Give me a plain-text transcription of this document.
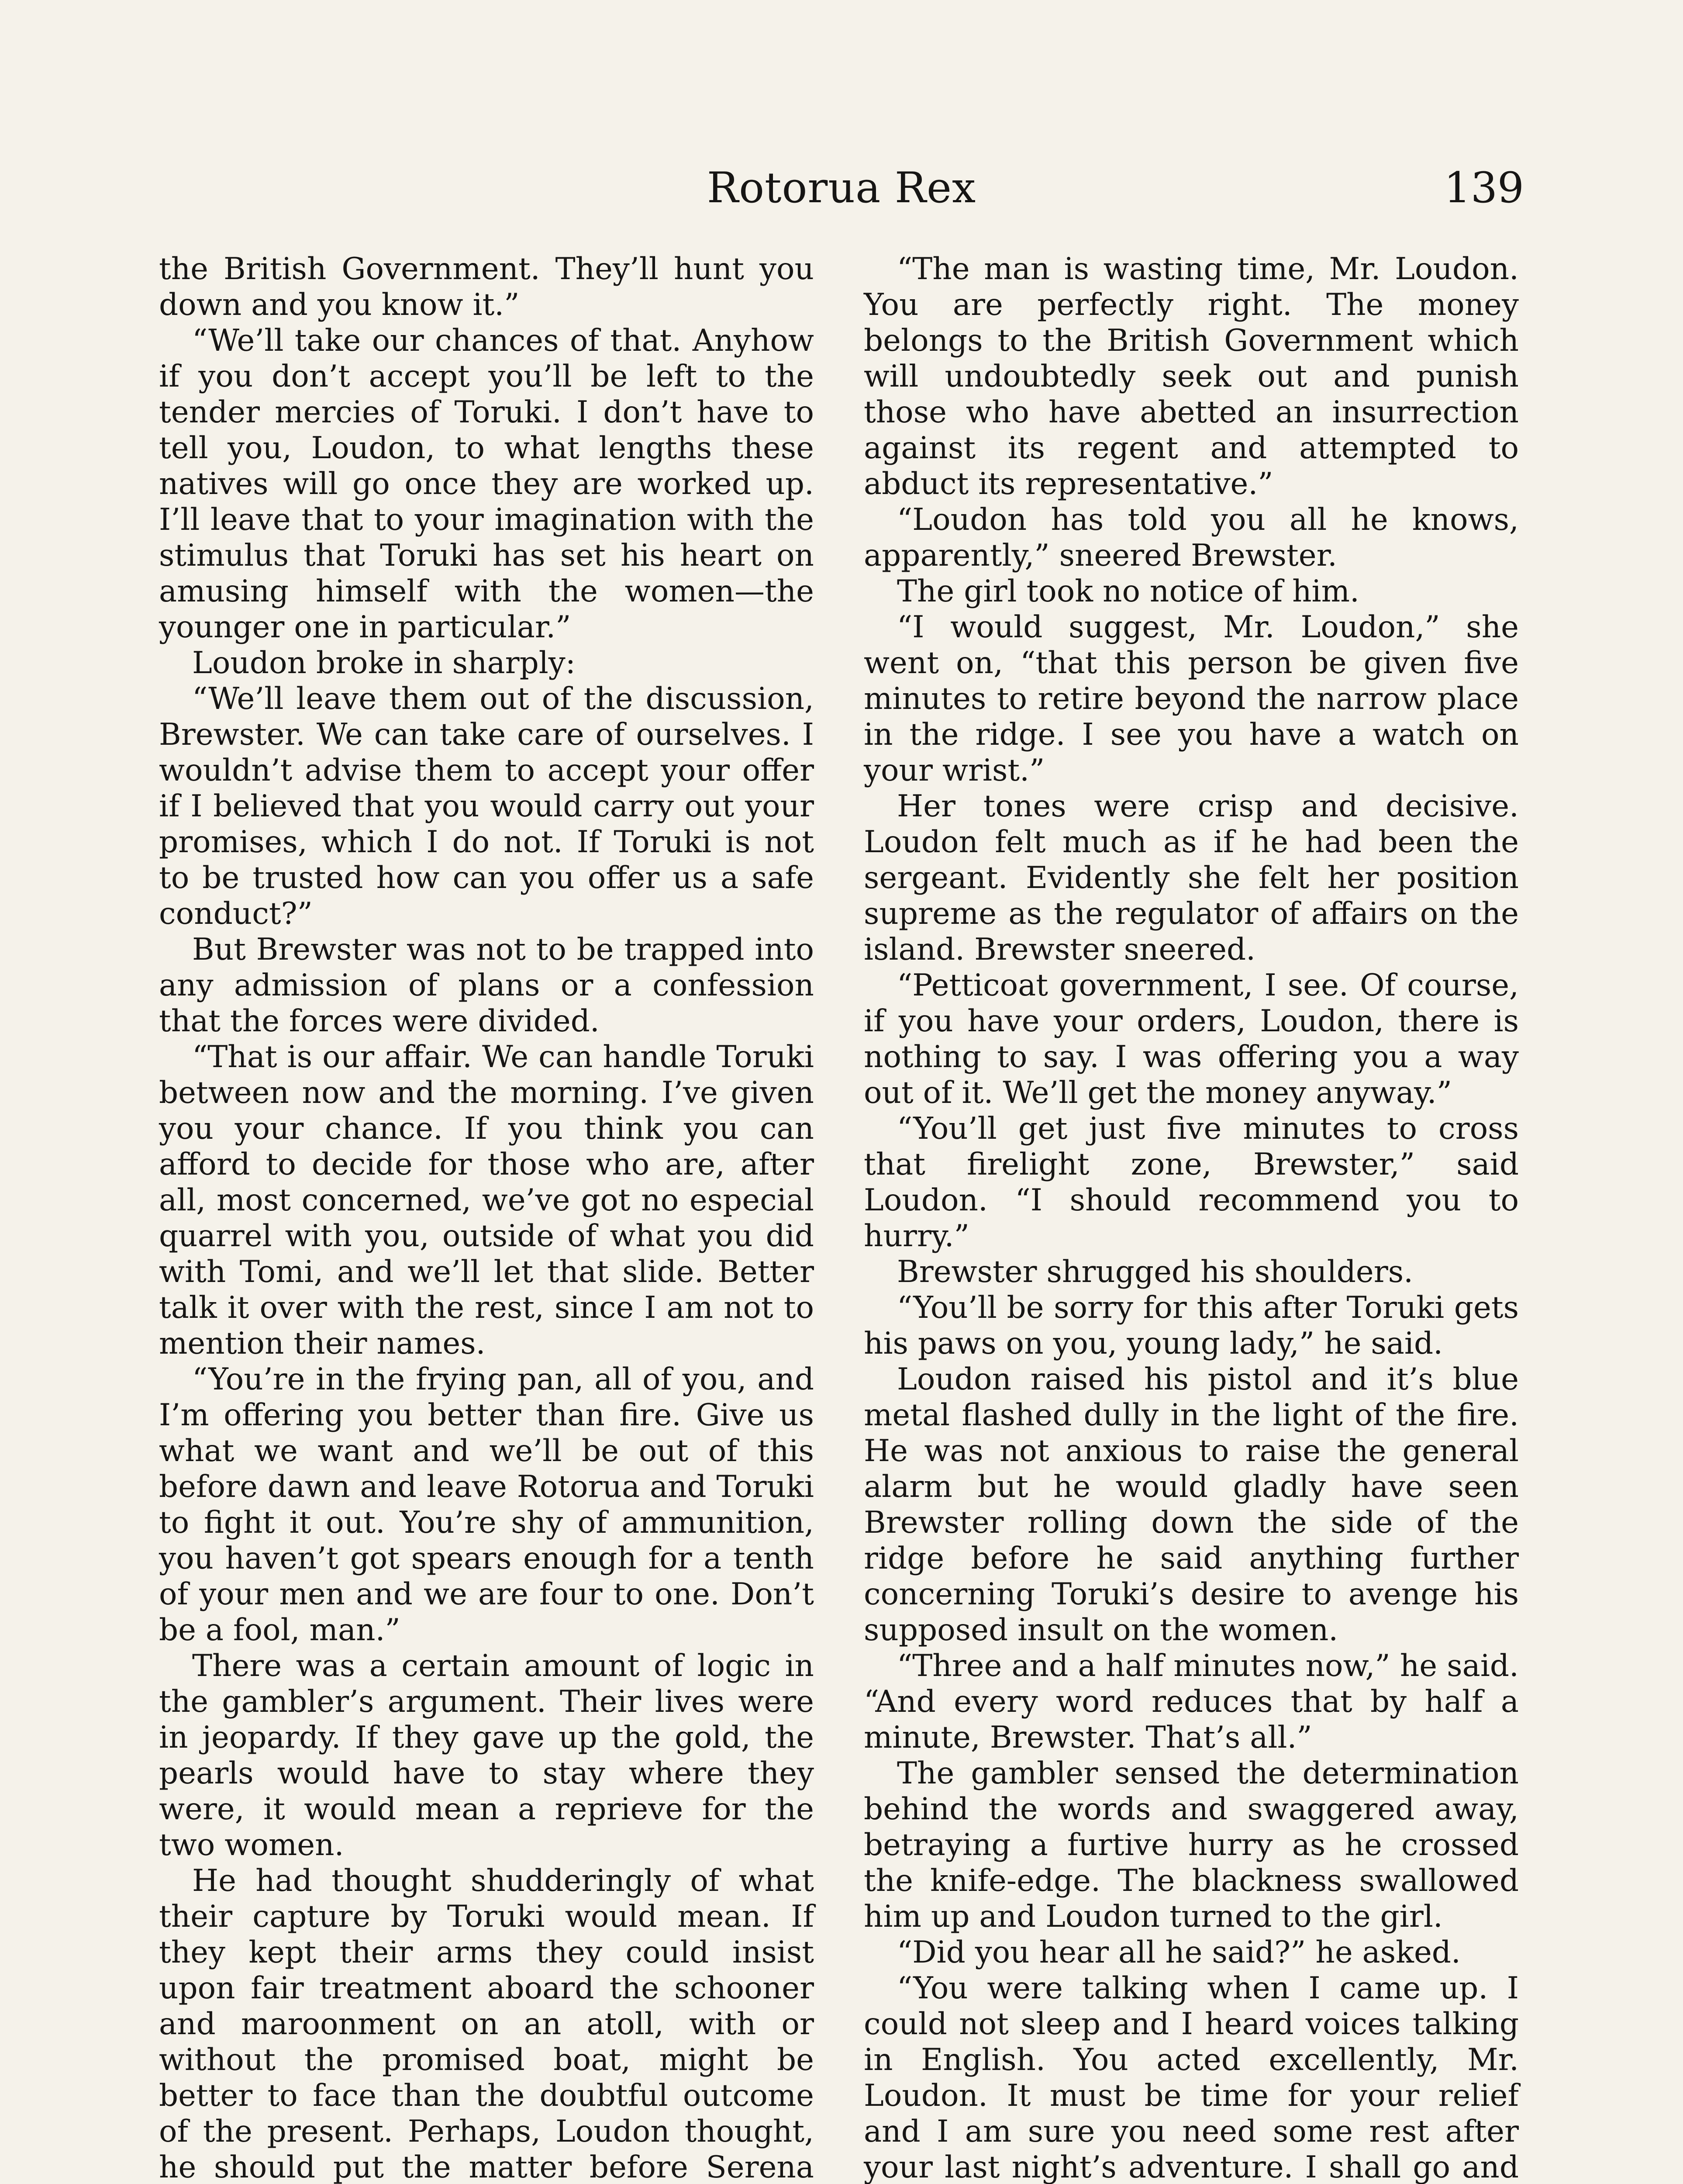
Rotorua Rex	139

the British Government. They’ll hunt you down and you know it.”

“We’ll take our chances of that. Anyhow if you don’t accept you’ll be left to the tender mercies of Toruki. I don’t have to tell you, Loudon, to what lengths these natives will go once they are worked up. I’ll leave that to your imagination with the stimulus that Toruki has set his heart on amusing himself with the women—the younger one in particular.”

Loudon broke in sharply:

“We’ll leave them out of the discussion, Brewster. We can take care of ourselves. I wouldn’t advise them to accept your offer if I believed that you would carry out your promises, which I do not. If Toruki is not to be trusted how can you offer us a safe conduct?”

But Brewster was not to be trapped into any admission of plans or a confession that the forces were divided.

“That is our affair. We can handle Toruki between now and the morning. I’ve given you your chance. If you think you can afford to decide for those who are, after all, most concerned, we’ve got no especial quarrel with you, outside of what you did with Tomi, and we’ll let that slide. Better talk it over with the rest, since I am not to mention their names.

“You’re in the frying pan, all of you, and I’m offering you better than fire. Give us what we want and we’ll be out of this before dawn and leave Rotorua and Toruki to fight it out. You’re shy of ammunition, you haven’t got spears enough for a tenth of your men and we are four to one. Don’t be a fool, man.”

There was a certain amount of logic in the gambler’s argument. Their lives were in jeopardy. If they gave up the gold, the pearls would have to stay where they were, it would mean a reprieve for the two women.

He had thought shudderingly of what their capture by Toruki would mean. If they kept their arms they could insist upon fair treatment aboard the schooner and maroonment on an atoll, with or without the promised boat, might be better to face than the doubtful outcome of the present. Perhaps, Loudon thought, he should put the matter before Serena

“The man is wasting time, Mr. Loudon. You are perfectly right. The money belongs to the British Government which will undoubtedly seek out and punish those who have abetted an insurrection against its regent and attempted to abduct its representative.”

“Loudon has told you all he knows, apparently,” sneered Brewster.

The girl took no notice of him.

“I would suggest, Mr. Loudon,” she went on, “that this person be given five minutes to retire beyond the narrow place in the ridge. I see you have a watch on your wrist.”

Her tones were crisp and decisive. Loudon felt much as if he had been the sergeant. Evidently she felt her position supreme as the regulator of affairs on the island. Brewster sneered.

“Petticoat government, I see. Of course, if you have your orders, Loudon, there is nothing to say. I was offering you a way out of it. We’ll get the money anyway.”

“You’ll get just five minutes to cross that firelight zone, Brewster,” said Loudon. “I should recommend you to hurry.”

Brewster shrugged his shoulders.

“You’ll be sorry for this after Toruki gets his paws on you, young lady,” he said.

Loudon raised his pistol and it’s blue metal flashed dully in the light of the fire. He was not anxious to raise the general alarm but he would gladly have seen Brewster rolling down the side of the ridge before he said anything further concerning Toruki’s desire to avenge his supposed insult on the women.

“Three and a half minutes now,” he said. “And every word reduces that by half a minute, Brewster. That’s all.”

The gambler sensed the determination behind the words and swaggered away, betraying a furtive hurry as he crossed the knife-edge. The blackness swallowed him up and Loudon turned to the girl.

“Did you hear all he said?” he asked.

“You were talking when I came up. I could not sleep and I heard voices talking in English. You acted excellently, Mr. Loudon. It must be time for your relief and I am sure you need some rest after your last night’s adventure. I shall go and
